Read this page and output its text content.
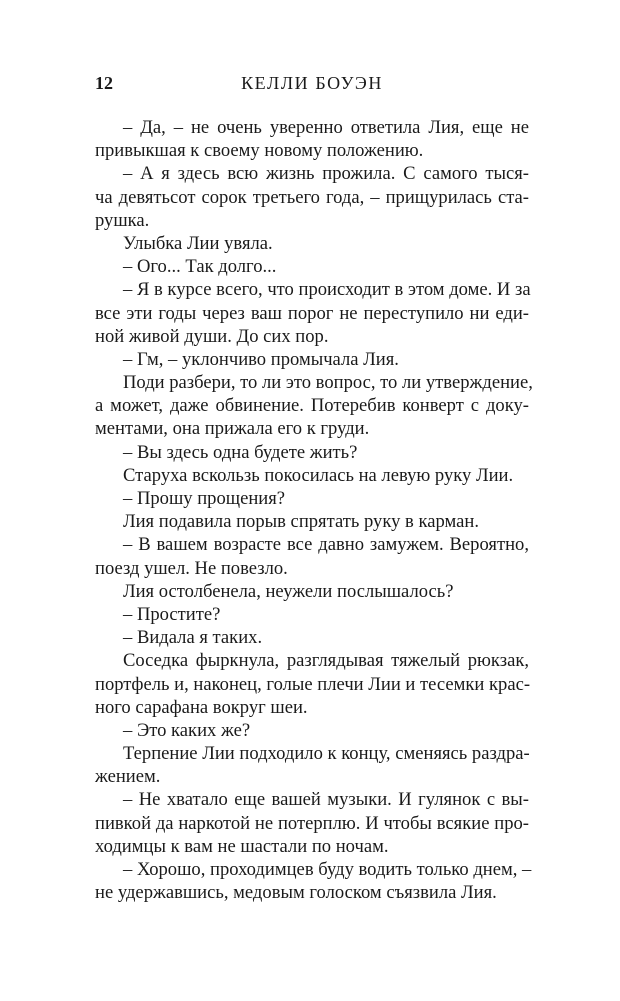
12	КЕЛЛИ БОУЭН
– Да, – не очень уверенно ответила Лия, еще не
привыкшая к своему новому положению.
– А я здесь всю жизнь прожила. С самого тыся-
ча девятьсот сорок третьего года, – прищурилась ста-
рушка.
Улыбка Лии увяла.
– Ого... Так долго...
– Я в курсе всего, что происходит в этом доме. И за
все эти годы через ваш порог не переступило ни еди-
ной живой души. До сих пор.
– Гм, – уклончиво промычала Лия.
Поди разбери, то ли это вопрос, то ли утверждение,
а может, даже обвинение. Потеребив конверт с доку-
ментами, она прижала его к груди.
– Вы здесь одна будете жить?
Старуха вскользь покосилась на левую руку Лии.
– Прошу прощения?
Лия подавила порыв спрятать руку в карман.
– В вашем возрасте все давно замужем. Вероятно,
поезд ушел. Не повезло.
Лия остолбенела, неужели послышалось?
– Простите?
– Видала я таких.
Соседка фыркнула, разглядывая тяжелый рюкзак,
портфель и, наконец, голые плечи Лии и тесемки крас-
ного сарафана вокруг шеи.
– Это каких же?
Терпение Лии подходило к концу, сменяясь раздра-
жением.
– Не хватало еще вашей музыки. И гулянок с вы-
пивкой да наркотой не потерплю. И чтобы всякие про-
ходимцы к вам не шастали по ночам.
– Хорошо, проходимцев буду водить только днем, –
не удержавшись, медовым голоском съязвила Лия.
